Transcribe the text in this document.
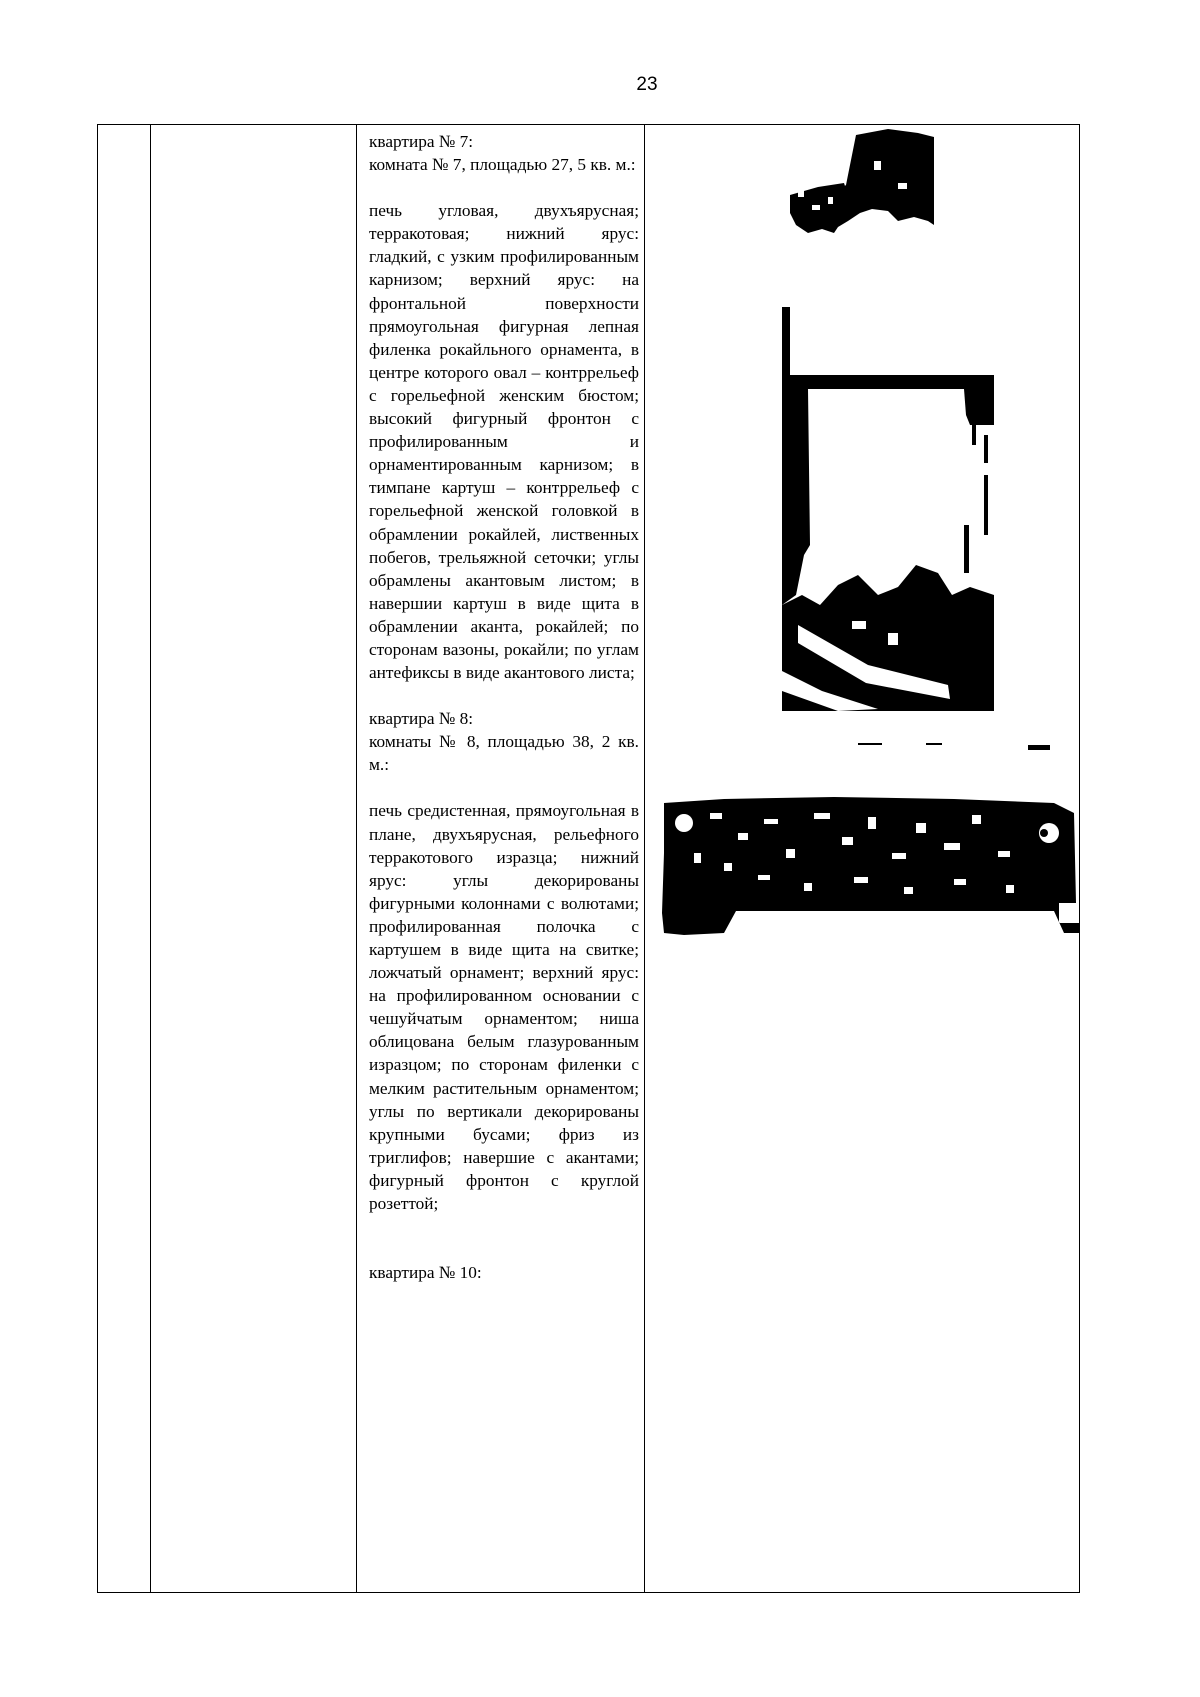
23

квартира № 7:

комната № 7, площадью 27, 5 кв. м.:

печь угловая, двухъярусная; терракотовая; нижний ярус: гладкий, с узким профилированным карнизом; верхний ярус: на фронтальной поверхности прямоугольная фигурная лепная филенка рокайльного орнамента, в центре которого овал – контррельеф с горельефной женским бюстом; высокий фигурный фронтон с профилированным и орнаментированным карнизом; в тимпане картуш – контррельеф с горельефной женской головкой в обрамлении рокайлей, лиственных побегов, трельяжной сеточки; углы обрамлены акантовым листом; в навершии картуш в виде щита в обрамлении аканта, рокайлей; по сторонам вазоны, рокайли; по углам антефиксы в виде акантового листа;

квартира № 8:

комнаты № 8, площадью 38, 2 кв. м.:

печь средистенная, прямоугольная в плане, двухъярусная, рельефного терракотового изразца; нижний ярус: углы декорированы фигурными колоннами с волютами; профилированная полочка с картушем в виде щита на свитке; ложчатый орнамент; верхний ярус: на профилированном основании с чешуйчатым орнаментом; ниша облицована белым глазурованным изразцом; по сторонам филенки с мелким растительным орнаментом; углы по вертикали декорированы крупными бусами; фриз из триглифов; навершие с акантами; фигурный фронтон с круглой розеттой;

квартира № 10:
